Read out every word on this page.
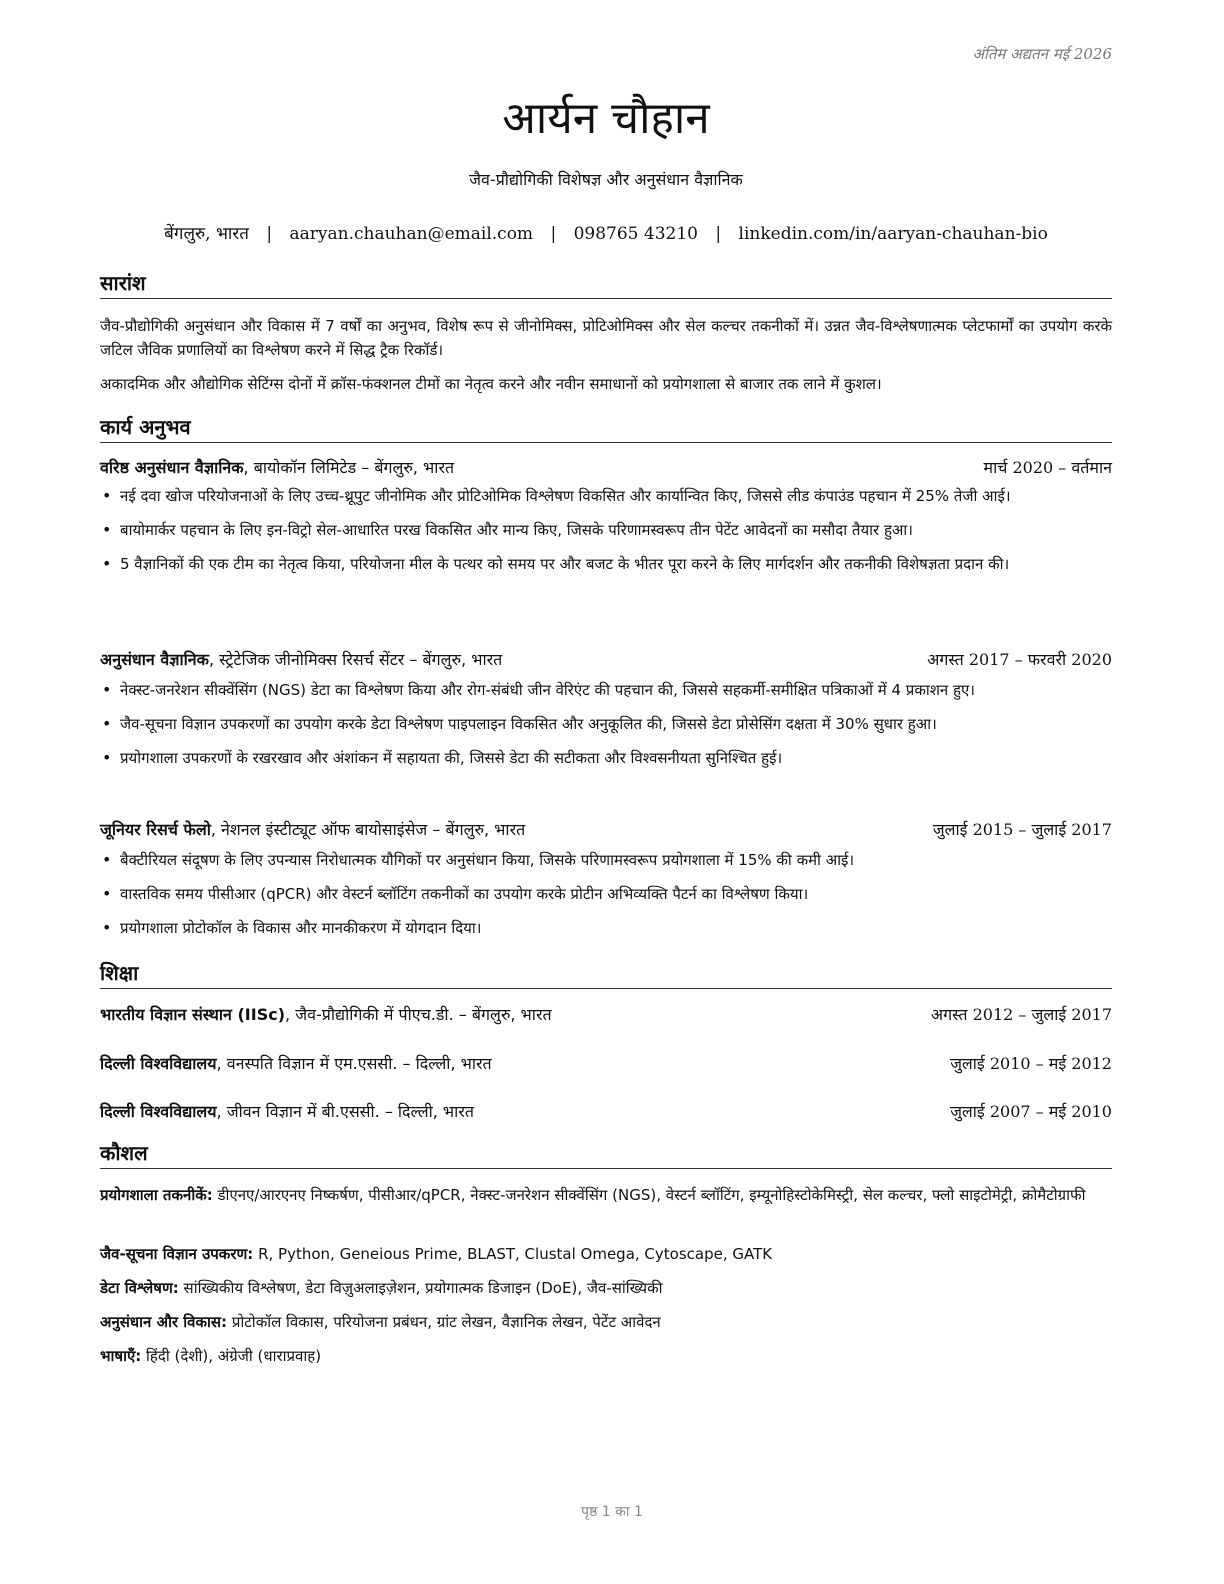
अंतिम अद्यतन मई 2026
आर्यन चौहान
जैव-प्रौद्योगिकी विशेषज्ञ और अनुसंधान वैज्ञानिक
बेंगलुरु, भारत | aaryan.chauhan@email.com | 098765 43210 | linkedin.com/in/aaryan-chauhan-bio
सारांश

जैव-प्रौद्योगिकी अनुसंधान और विकास में 7 वर्षों का अनुभव, विशेष रूप से जीनोमिक्स, प्रोटिओमिक्स और सेल कल्चर तकनीकों में। उन्नत जैव-विश्लेषणात्मक प्लेटफार्मों का उपयोग करके जटिल जैविक प्रणालियों का विश्लेषण करने में सिद्ध ट्रैक रिकॉर्ड।

अकादमिक और औद्योगिक सेटिंग्स दोनों में क्रॉस-फंक्शनल टीमों का नेतृत्व करने और नवीन समाधानों को प्रयोगशाला से बाजार तक लाने में कुशल।

कार्य अनुभव
वरिष्ठ अनुसंधान वैज्ञानिक, बायोकॉन लिमिटेड – बेंगलुरु, भारत	मार्च 2020 – वर्तमान
• नई दवा खोज परियोजनाओं के लिए उच्च-थ्रूपुट जीनोमिक और प्रोटिओमिक विश्लेषण विकसित और कार्यान्वित किए, जिससे लीड कंपाउंड पहचान में 25% तेजी आई।
• बायोमार्कर पहचान के लिए इन-विट्रो सेल-आधारित परख विकसित और मान्य किए, जिसके परिणामस्वरूप तीन पेटेंट आवेदनों का मसौदा तैयार हुआ।
• 5 वैज्ञानिकों की एक टीम का नेतृत्व किया, परियोजना मील के पत्थर को समय पर और बजट के भीतर पूरा करने के लिए मार्गदर्शन और तकनीकी विशेषज्ञता प्रदान की।
अनुसंधान वैज्ञानिक, स्ट्रेटेजिक जीनोमिक्स रिसर्च सेंटर – बेंगलुरु, भारत	अगस्त 2017 – फरवरी 2020
• नेक्स्ट-जनरेशन सीक्वेंसिंग (NGS) डेटा का विश्लेषण किया और रोग-संबंधी जीन वेरिएंट की पहचान की, जिससे सहकर्मी-समीक्षित पत्रिकाओं में 4 प्रकाशन हुए।
• जैव-सूचना विज्ञान उपकरणों का उपयोग करके डेटा विश्लेषण पाइपलाइन विकसित और अनुकूलित की, जिससे डेटा प्रोसेसिंग दक्षता में 30% सुधार हुआ।
• प्रयोगशाला उपकरणों के रखरखाव और अंशांकन में सहायता की, जिससे डेटा की सटीकता और विश्वसनीयता सुनिश्चित हुई।
जूनियर रिसर्च फेलो, नेशनल इंस्टीट्यूट ऑफ बायोसाइंसेज – बेंगलुरु, भारत	जुलाई 2015 – जुलाई 2017
• बैक्टीरियल संदूषण के लिए उपन्यास निरोधात्मक यौगिकों पर अनुसंधान किया, जिसके परिणामस्वरूप प्रयोगशाला में 15% की कमी आई।
• वास्तविक समय पीसीआर (qPCR) और वेस्टर्न ब्लॉटिंग तकनीकों का उपयोग करके प्रोटीन अभिव्यक्ति पैटर्न का विश्लेषण किया।
• प्रयोगशाला प्रोटोकॉल के विकास और मानकीकरण में योगदान दिया।
शिक्षा
भारतीय विज्ञान संस्थान (IISc), जैव-प्रौद्योगिकी में पीएच.डी. – बेंगलुरु, भारत	अगस्त 2012 – जुलाई 2017
दिल्ली विश्वविद्यालय, वनस्पति विज्ञान में एम.एससी. – दिल्ली, भारत	जुलाई 2010 – मई 2012
दिल्ली विश्वविद्यालय, जीवन विज्ञान में बी.एससी. – दिल्ली, भारत	जुलाई 2007 – मई 2010
कौशल
प्रयोगशाला तकनीकें: डीएनए/आरएनए निष्कर्षण, पीसीआर/qPCR, नेक्स्ट-जनरेशन सीक्वेंसिंग (NGS), वेस्टर्न ब्लॉटिंग, इम्यूनोहिस्टोकेमिस्ट्री, सेल कल्चर, फ्लो साइटोमेट्री, क्रोमैटोग्राफी
जैव-सूचना विज्ञान उपकरण: R, Python, Geneious Prime, BLAST, Clustal Omega, Cytoscape, GATK
डेटा विश्लेषण: सांख्यिकीय विश्लेषण, डेटा विज़ुअलाइज़ेशन, प्रयोगात्मक डिजाइन (DoE), जैव-सांख्यिकी
अनुसंधान और विकास: प्रोटोकॉल विकास, परियोजना प्रबंधन, ग्रांट लेखन, वैज्ञानिक लेखन, पेटेंट आवेदन
भाषाएँ: हिंदी (देशी), अंग्रेजी (धाराप्रवाह)
पृष्ठ 1 का 1
